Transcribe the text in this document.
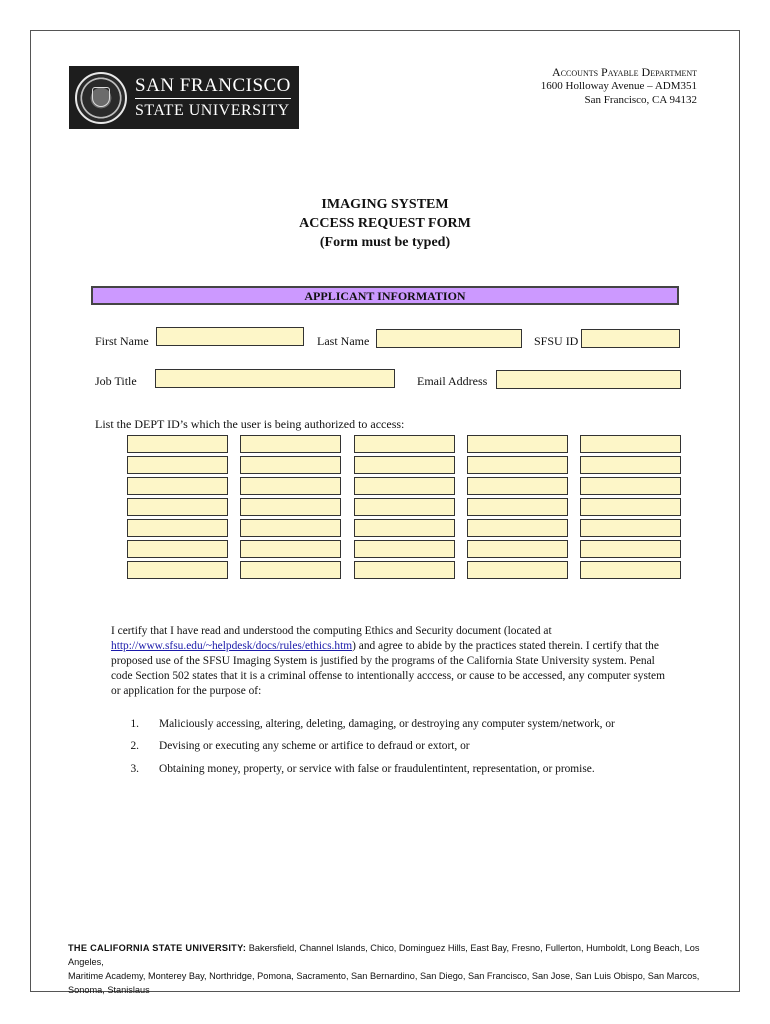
SAN FRANCISCO
STATE UNIVERSITY
Accounts Payable Department
1600 Holloway Avenue – ADM351
San Francisco, CA 94132
IMAGING SYSTEM
ACCESS REQUEST FORM
(Form must be typed)
APPLICANT INFORMATION
First Name	Last Name	SFSU ID
Job Title	Email Address
List the DEPT ID’s which the user is being authorized to access:
I certify that I have read and understood the computing Ethics and Security document (located at http://www.sfsu.edu/~helpdesk/docs/rules/ethics.htm) and agree to abide by the practices stated therein. I certify that the proposed use of the SFSU Imaging System is justified by the programs of the California State University system. Penal code Section 502 states that it is a criminal offense to intentionally acccess, or cause to be accessed, any computer system or application for the purpose of:
1. Maliciously accessing, altering, deleting, damaging, or destroying any computer system/network, or
2. Devising or executing any scheme or artifice to defraud or extort, or
3. Obtaining money, property, or service with false or fraudulentintent, representation, or promise.
THE CALIFORNIA STATE UNIVERSITY: Bakersfield, Channel Islands, Chico, Dominguez Hills, East Bay, Fresno, Fullerton, Humboldt, Long Beach, Los Angeles,
Maritime Academy, Monterey Bay, Northridge, Pomona, Sacramento, San Bernardino, San Diego, San Francisco, San Jose, San Luis Obispo, San Marcos, Sonoma, Stanislaus
